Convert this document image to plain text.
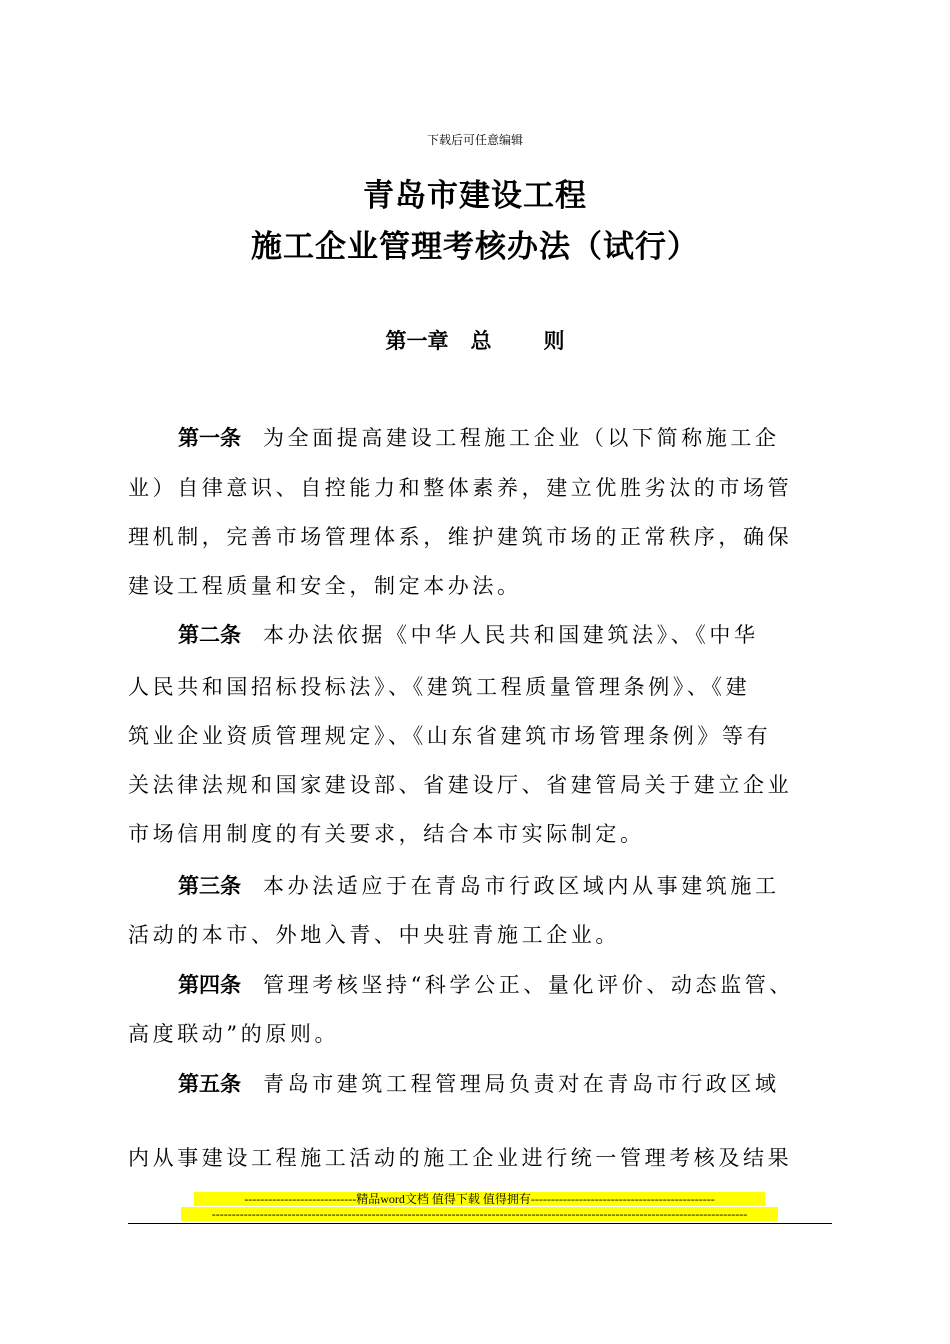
下载后可任意编辑
青岛市建设工程
施工企业管理考核办法（试行）
第一章 总 则
第一条 为全面提高建设工程施工企业（以下简称施工企
业）自律意识、自控能力和整体素养，建立优胜劣汰的市场管
理机制，完善市场管理体系，维护建筑市场的正常秩序，确保
建设工程质量和安全，制定本办法。
第二条 本办法依据《中华人民共和国建筑法》、《中华
人民共和国招标投标法》、《建筑工程质量管理条例》、《建
筑业企业资质管理规定》、《山东省建筑市场管理条例》等有
关法律法规和国家建设部、省建设厅、省建管局关于建立企业
市场信用制度的有关要求，结合本市实际制定。
第三条 本办法适应于在青岛市行政区域内从事建筑施工
活动的本市、外地入青、中央驻青施工企业。
第四条 管理考核坚持“科学公正、量化评价、动态监管、
高度联动”的原则。
第五条 青岛市建筑工程管理局负责对在青岛市行政区域
内从事建设工程施工活动的施工企业进行统一管理考核及结果
----------------------------精品word文档 值得下载 值得拥有----------------------------------------------
--------------------------------------------------------------------------------------------------------------------------------------
